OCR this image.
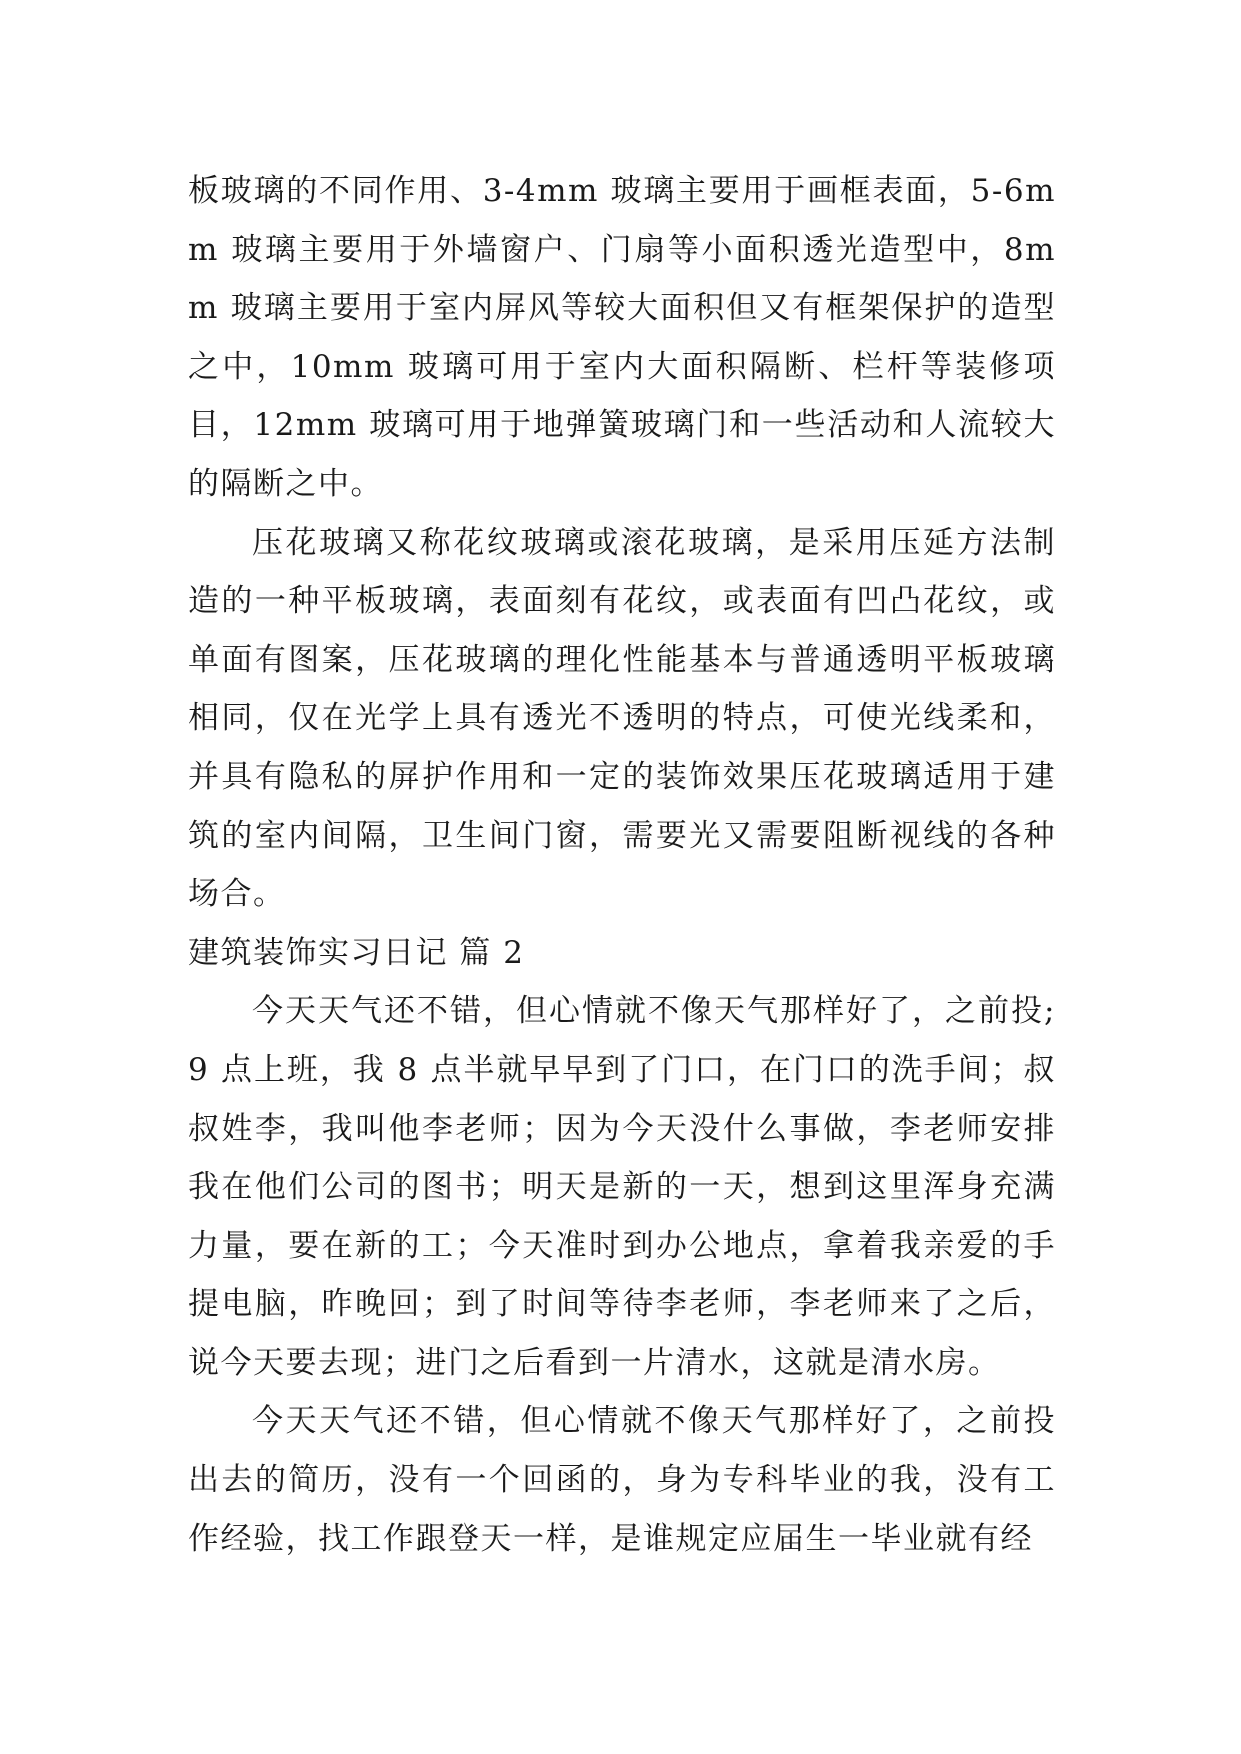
板玻璃的不同作用、3-4mm 玻璃主要用于画框表面，5-6mm 玻璃主要用于外墙窗户、门扇等小面积透光造型中，8mm 玻璃主要用于室内屏风等较大面积但又有框架保护的造型之中，10mm 玻璃可用于室内大面积隔断、栏杆等装修项目，12mm 玻璃可用于地弹簧玻璃门和一些活动和人流较大的隔断之中。

压花玻璃又称花纹玻璃或滚花玻璃，是采用压延方法制造的一种平板玻璃，表面刻有花纹，或表面有凹凸花纹，或单面有图案，压花玻璃的理化性能基本与普通透明平板玻璃相同，仅在光学上具有透光不透明的特点，可使光线柔和，并具有隐私的屏护作用和一定的装饰效果压花玻璃适用于建筑的室内间隔，卫生间门窗，需要光又需要阻断视线的各种场合。

建筑装饰实习日记 篇 2

今天天气还不错，但心情就不像天气那样好了，之前投;9 点上班，我 8 点半就早早到了门口，在门口的洗手间；叔叔姓李，我叫他李老师；因为今天没什么事做，李老师安排我在他们公司的图书；明天是新的一天，想到这里浑身充满力量，要在新的工；今天准时到办公地点，拿着我亲爱的手提电脑，昨晚回；到了时间等待李老师，李老师来了之后，说今天要去现；进门之后看到一片清水，这就是清水房。

今天天气还不错，但心情就不像天气那样好了，之前投出去的简历，没有一个回函的，身为专科毕业的我，没有工作经验，找工作跟登天一样，是谁规定应届生一毕业就有经
